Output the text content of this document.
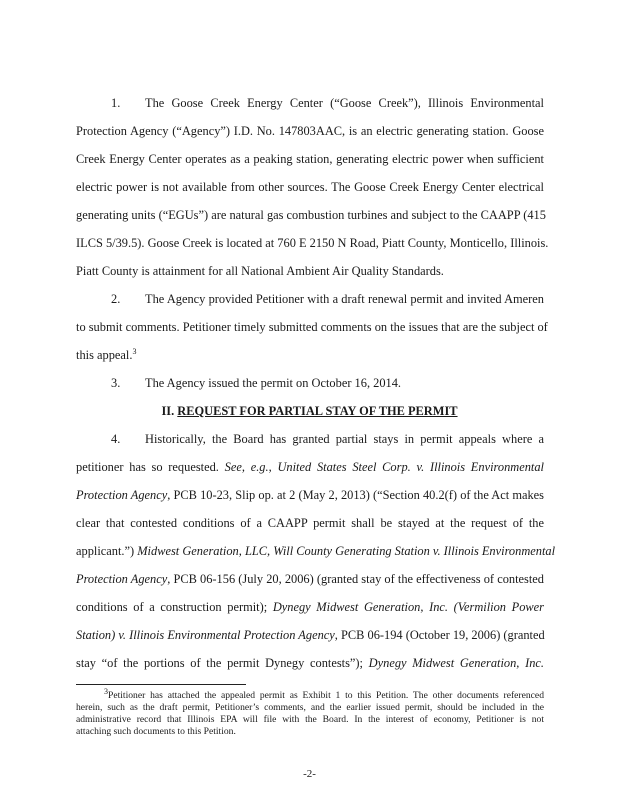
1. The Goose Creek Energy Center (“Goose Creek”), Illinois Environmental
Protection Agency (“Agency”) I.D. No. 147803AAC, is an electric generating station. Goose
Creek Energy Center operates as a peaking station, generating electric power when sufficient
electric power is not available from other sources. The Goose Creek Energy Center electrical
generating units (“EGUs”) are natural gas combustion turbines and subject to the CAAPP (415
ILCS 5/39.5). Goose Creek is located at 760 E 2150 N Road, Piatt County, Monticello, Illinois.
Piatt County is attainment for all National Ambient Air Quality Standards.
2. The Agency provided Petitioner with a draft renewal permit and invited Ameren
to submit comments. Petitioner timely submitted comments on the issues that are the subject of
this appeal.$^3$
3. The Agency issued the permit on October 16, 2014.
II. REQUEST FOR PARTIAL STAY OF THE PERMIT
4. Historically, the Board has granted partial stays in permit appeals where a
petitioner has so requested. See, e.g., United States Steel Corp. v. Illinois Environmental
Protection Agency, PCB 10-23, Slip op. at 2 (May 2, 2013) (“Section 40.2(f) of the Act makes
clear that contested conditions of a CAAPP permit shall be stayed at the request of the
applicant.”) Midwest Generation, LLC, Will County Generating Station v. Illinois Environmental
Protection Agency, PCB 06-156 (July 20, 2006) (granted stay of the effectiveness of contested
conditions of a construction permit); Dynegy Midwest Generation, Inc. (Vermilion Power
Station) v. Illinois Environmental Protection Agency, PCB 06-194 (October 19, 2006) (granted
stay “of the portions of the permit Dynegy contests”); Dynegy Midwest Generation, Inc.
$^3$Petitioner has attached the appealed permit as Exhibit 1 to this Petition. The other documents referenced
herein, such as the draft permit, Petitioner’s comments, and the earlier issued permit, should be included in the
administrative record that Illinois EPA will file with the Board. In the interest of economy, Petitioner is not
attaching such documents to this Petition.
-2-
